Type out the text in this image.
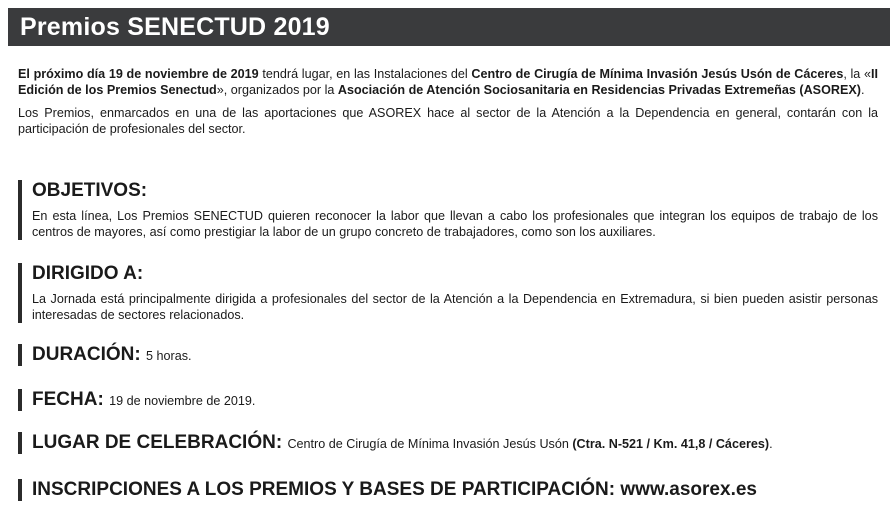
Premios SENECTUD 2019

El próximo día 19 de noviembre de 2019 tendrá lugar, en las Instalaciones del Centro de Cirugía de Mínima Invasión Jesús Usón de Cáceres, la «II Edición de los Premios Senectud», organizados por la Asociación de Atención Sociosanitaria en Residencias Privadas Extremeñas (ASOREX).

Los Premios, enmarcados en una de las aportaciones que ASOREX hace al sector de la Atención a la Dependencia en general, contarán con la participación de profesionales del sector.

OBJETIVOS:
En esta línea, Los Premios SENECTUD quieren reconocer la labor que llevan a cabo los profesionales que integran los equipos de trabajo de los centros de mayores, así como prestigiar la labor de un grupo concreto de trabajadores, como son los auxiliares.
DIRIGIDO A:
La Jornada está principalmente dirigida a profesionales del sector de la Atención a la Dependencia en Extremadura, si bien pueden asistir personas interesadas de sectores relacionados.
DURACIÓN: 5 horas.
FECHA: 19 de noviembre de 2019.
LUGAR DE CELEBRACIÓN: Centro de Cirugía de Mínima Invasión Jesús Usón (Ctra. N-521 / Km. 41,8 / Cáceres).
INSCRIPCIONES A LOS PREMIOS Y BASES DE PARTICIPACIÓN: www.asorex.es
